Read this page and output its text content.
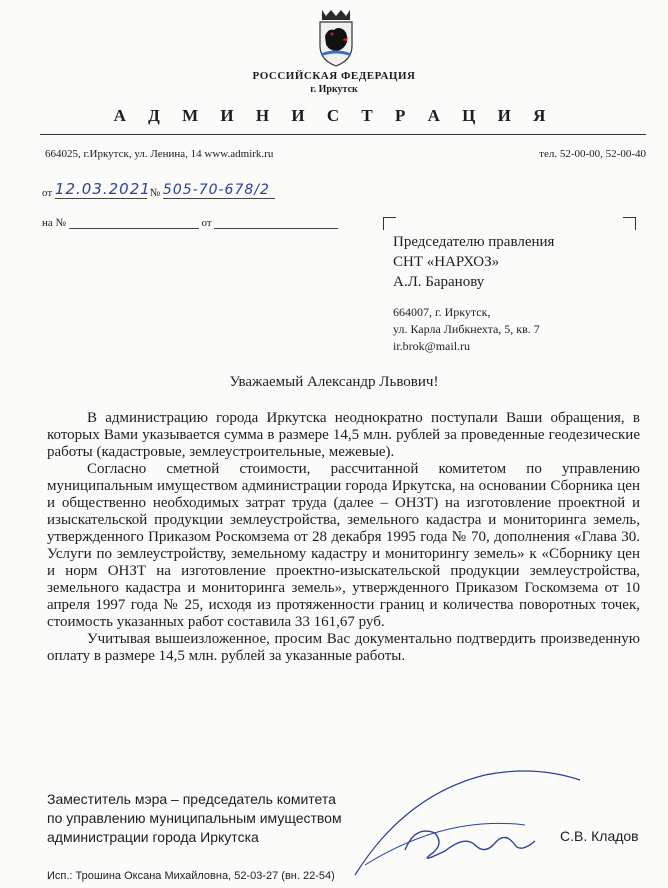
РОССИЙСКАЯ ФЕДЕРАЦИЯ
г. Иркутск
А Д М И Н И С Т Р А Ц И Я
664025, г.Иркутск, ул. Ленина, 14 www.admirk.ru	тел. 52-00-00, 52-00-40
от 12.03.2021 № 505-70-678/2
на №	от
Председателю правления
СНТ «НАРХОЗ»
А.Л. Баранову
664007, г. Иркутск,
ул. Карла Либкнехта, 5, кв. 7
ir.brok@mail.ru
Уважаемый Александр Львович!

В администрацию города Иркутска неоднократно поступали Ваши обращения, в которых Вами указывается сумма в размере 14,5 млн. рублей за проведенные геодезические работы (кадастровые, землеустроительные, межевые).

Согласно сметной стоимости, рассчитанной комитетом по управлению муниципальным имуществом администрации города Иркутска, на основании Сборника цен и общественно необходимых затрат труда (далее – ОНЗТ) на изготовление проектной и изыскательской продукции землеустройства, земельного кадастра и мониторинга земель, утвержденного Приказом Роскомзема от 28 декабря 1995 года № 70, дополнения «Глава 30. Услуги по землеустройству, земельному кадастру и мониторингу земель» к «Сборнику цен и норм ОНЗТ на изготовление проектно-изыскательской продукции землеустройства, земельного кадастра и мониторинга земель», утвержденного Приказом Госкомзема от 10 апреля 1997 года № 25, исходя из протяженности границ и количества поворотных точек, стоимость указанных работ составила 33 161,67 руб.

Учитывая вышеизложенное, просим Вас документально подтвердить произведенную оплату в размере 14,5 млн. рублей за указанные работы.

Заместитель мэра – председатель комитета
по управлению муниципальным имуществом
администрации города Иркутска	С.В. Кладов
Исп.: Трошина Оксана Михайловна, 52-03-27 (вн. 22-54)
